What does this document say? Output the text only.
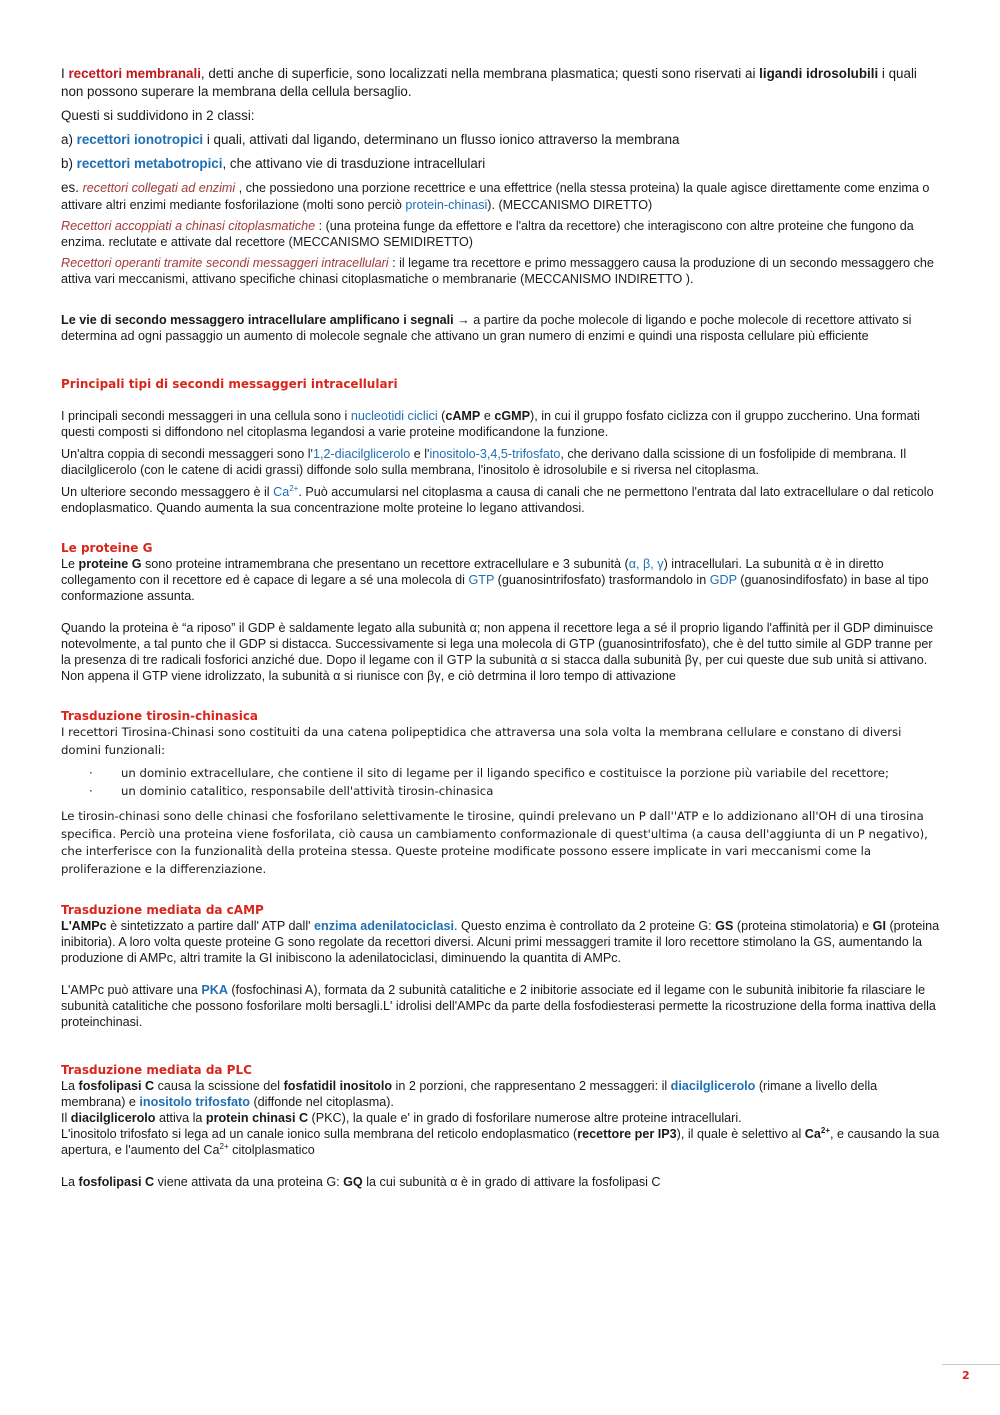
I recettori membranali, detti anche di superficie, sono localizzati nella membrana plasmatica; questi sono riservati ai ligandi idrosolubili i quali non possono superare la membrana della cellula bersaglio.

Questi si suddividono in 2 classi:

a) recettori ionotropici i quali, attivati dal ligando, determinano un flusso ionico attraverso la membrana

b) recettori metabotropici, che attivano vie di trasduzione intracellulari

es. recettori collegati ad enzimi , che possiedono una porzione recettrice e una effettrice (nella stessa proteina) la quale agisce direttamente come enzima o attivare altri enzimi mediante fosforilazione (molti sono perciò protein-chinasi). (MECCANISMO DIRETTO)

Recettori accoppiati a chinasi citoplasmatiche : (una proteina funge da effettore e l'altra da recettore) che interagiscono con altre proteine che fungono da enzima. reclutate e attivate dal recettore (MECCANISMO SEMIDIRETTO)

Recettori operanti tramite secondi messaggeri intracellulari : il legame tra recettore e primo messaggero causa la produzione di un secondo messaggero che attiva vari meccanismi, attivano specifiche chinasi citoplasmatiche o membranarie (MECCANISMO INDIRETTO ).

Le vie di secondo messaggero intracellulare amplificano i segnali → a partire da poche molecole di ligando e poche molecole di recettore attivato si determina ad ogni passaggio un aumento di molecole segnale che attivano un gran numero di enzimi e quindi una risposta cellulare più efficiente

Principali tipi di secondi messaggeri intracellulari

I principali secondi messaggeri in una cellula sono i nucleotidi ciclici (cAMP e cGMP), in cui il gruppo fosfato ciclizza con il gruppo zuccherino. Una formati questi composti si diffondono nel citoplasma legandosi a varie proteine modificandone la funzione.

Un'altra coppia di secondi messaggeri sono l'1,2-diacilglicerolo e l'inositolo-3,4,5-trifosfato, che derivano dalla scissione di un fosfolipide di membrana. Il diacilglicerolo (con le catene di acidi grassi) diffonde solo sulla membrana, l'inositolo è idrosolubile e si riversa nel citoplasma.

Un ulteriore secondo messaggero è il $Ca^{2+}$. Può accumularsi nel citoplasma a causa di canali che ne permettono l'entrata dal lato extracellulare o dal reticolo endoplasmatico. Quando aumenta la sua concentrazione molte proteine lo legano attivandosi.

Le proteine G

Le proteine G sono proteine intramembrana che presentano un recettore extracellulare e 3 subunità (α, β, γ) intracellulari. La subunità α è in diretto collegamento con il recettore ed è capace di legare a sé una molecola di GTP (guanosintrifosfato) trasformandolo in GDP (guanosindifosfato) in base al tipo conformazione assunta.

Quando la proteina è “a riposo” il GDP è saldamente legato alla subunità α; non appena il recettore lega a sé il proprio ligando l'affinità per il GDP diminuisce notevolmente, a tal punto che il GDP si distacca. Successivamente si lega una molecola di GTP (guanosintrifosfato), che è del tutto simile al GDP tranne per la presenza di tre radicali fosforici anziché due. Dopo il legame con il GTP la subunità α si stacca dalla subunità βγ, per cui queste due sub unità si attivano. Non appena il GTP viene idrolizzato, la subunità α si riunisce con βγ, e ciò detrmina il loro tempo di attivazione

Trasduzione tirosin-chinasica

I recettori Tirosina-Chinasi sono costituiti da una catena polipeptidica che attraversa una sola volta la membrana cellulare e constano di diversi domini funzionali:

· un dominio extracellulare, che contiene il sito di legame per il ligando specifico e costituisce la porzione più variabile del recettore;
· un dominio catalitico, responsabile dell'attività tirosin-chinasica

Le tirosin-chinasi sono delle chinasi che fosforilano selettivamente le tirosine, quindi prelevano un P dall''ATP e lo addizionano all'OH di una tirosina specifica. Perciò una proteina viene fosforilata, ciò causa un cambiamento conformazionale di quest'ultima (a causa dell'aggiunta di un P negativo), che interferisce con la funzionalità della proteina stessa. Queste proteine modificate possono essere implicate in vari meccanismi come la proliferazione e la differenziazione.

Trasduzione mediata da cAMP

L'AMPc è sintetizzato a partire dall' ATP dall' enzima adenilatociclasi. Questo enzima è controllato da 2 proteine G: GS (proteina stimolatoria) e GI (proteina inibitoria). A loro volta queste proteine G sono regolate da recettori diversi. Alcuni primi messaggeri tramite il loro recettore stimolano la GS, aumentando la produzione di AMPc, altri tramite la GI inibiscono la adenilatociclasi, diminuendo la quantita di AMPc.

L'AMPc può attivare una PKA (fosfochinasi A), formata da 2 subunità catalitiche e 2 inibitorie associate ed il legame con le subunità inibitorie fa rilasciare le subunità catalitiche che possono fosforilare molti bersagli.L' idrolisi dell'AMPc da parte della fosfodiesterasi permette la ricostruzione della forma inattiva della proteinchinasi.

Trasduzione mediata da PLC

La fosfolipasi C causa la scissione del fosfatidil inositolo in 2 porzioni, che rappresentano 2 messaggeri: il diacilglicerolo (rimane a livello della membrana) e inositolo trifosfato (diffonde nel citoplasma).

Il diacilglicerolo attiva la protein chinasi C (PKC), la quale e' in grado di fosforilare numerose altre proteine intracellulari.

L'inositolo trifosfato si lega ad un canale ionico sulla membrana del reticolo endoplasmatico (recettore per IP3), il quale è selettivo al $Ca^{2+}$, e causando la sua apertura, e l'aumento del $Ca^{2+}$ citolplasmatico

La fosfolipasi C viene attivata da una proteina G: GQ la cui subunità α è in grado di attivare la fosfolipasi C

2
